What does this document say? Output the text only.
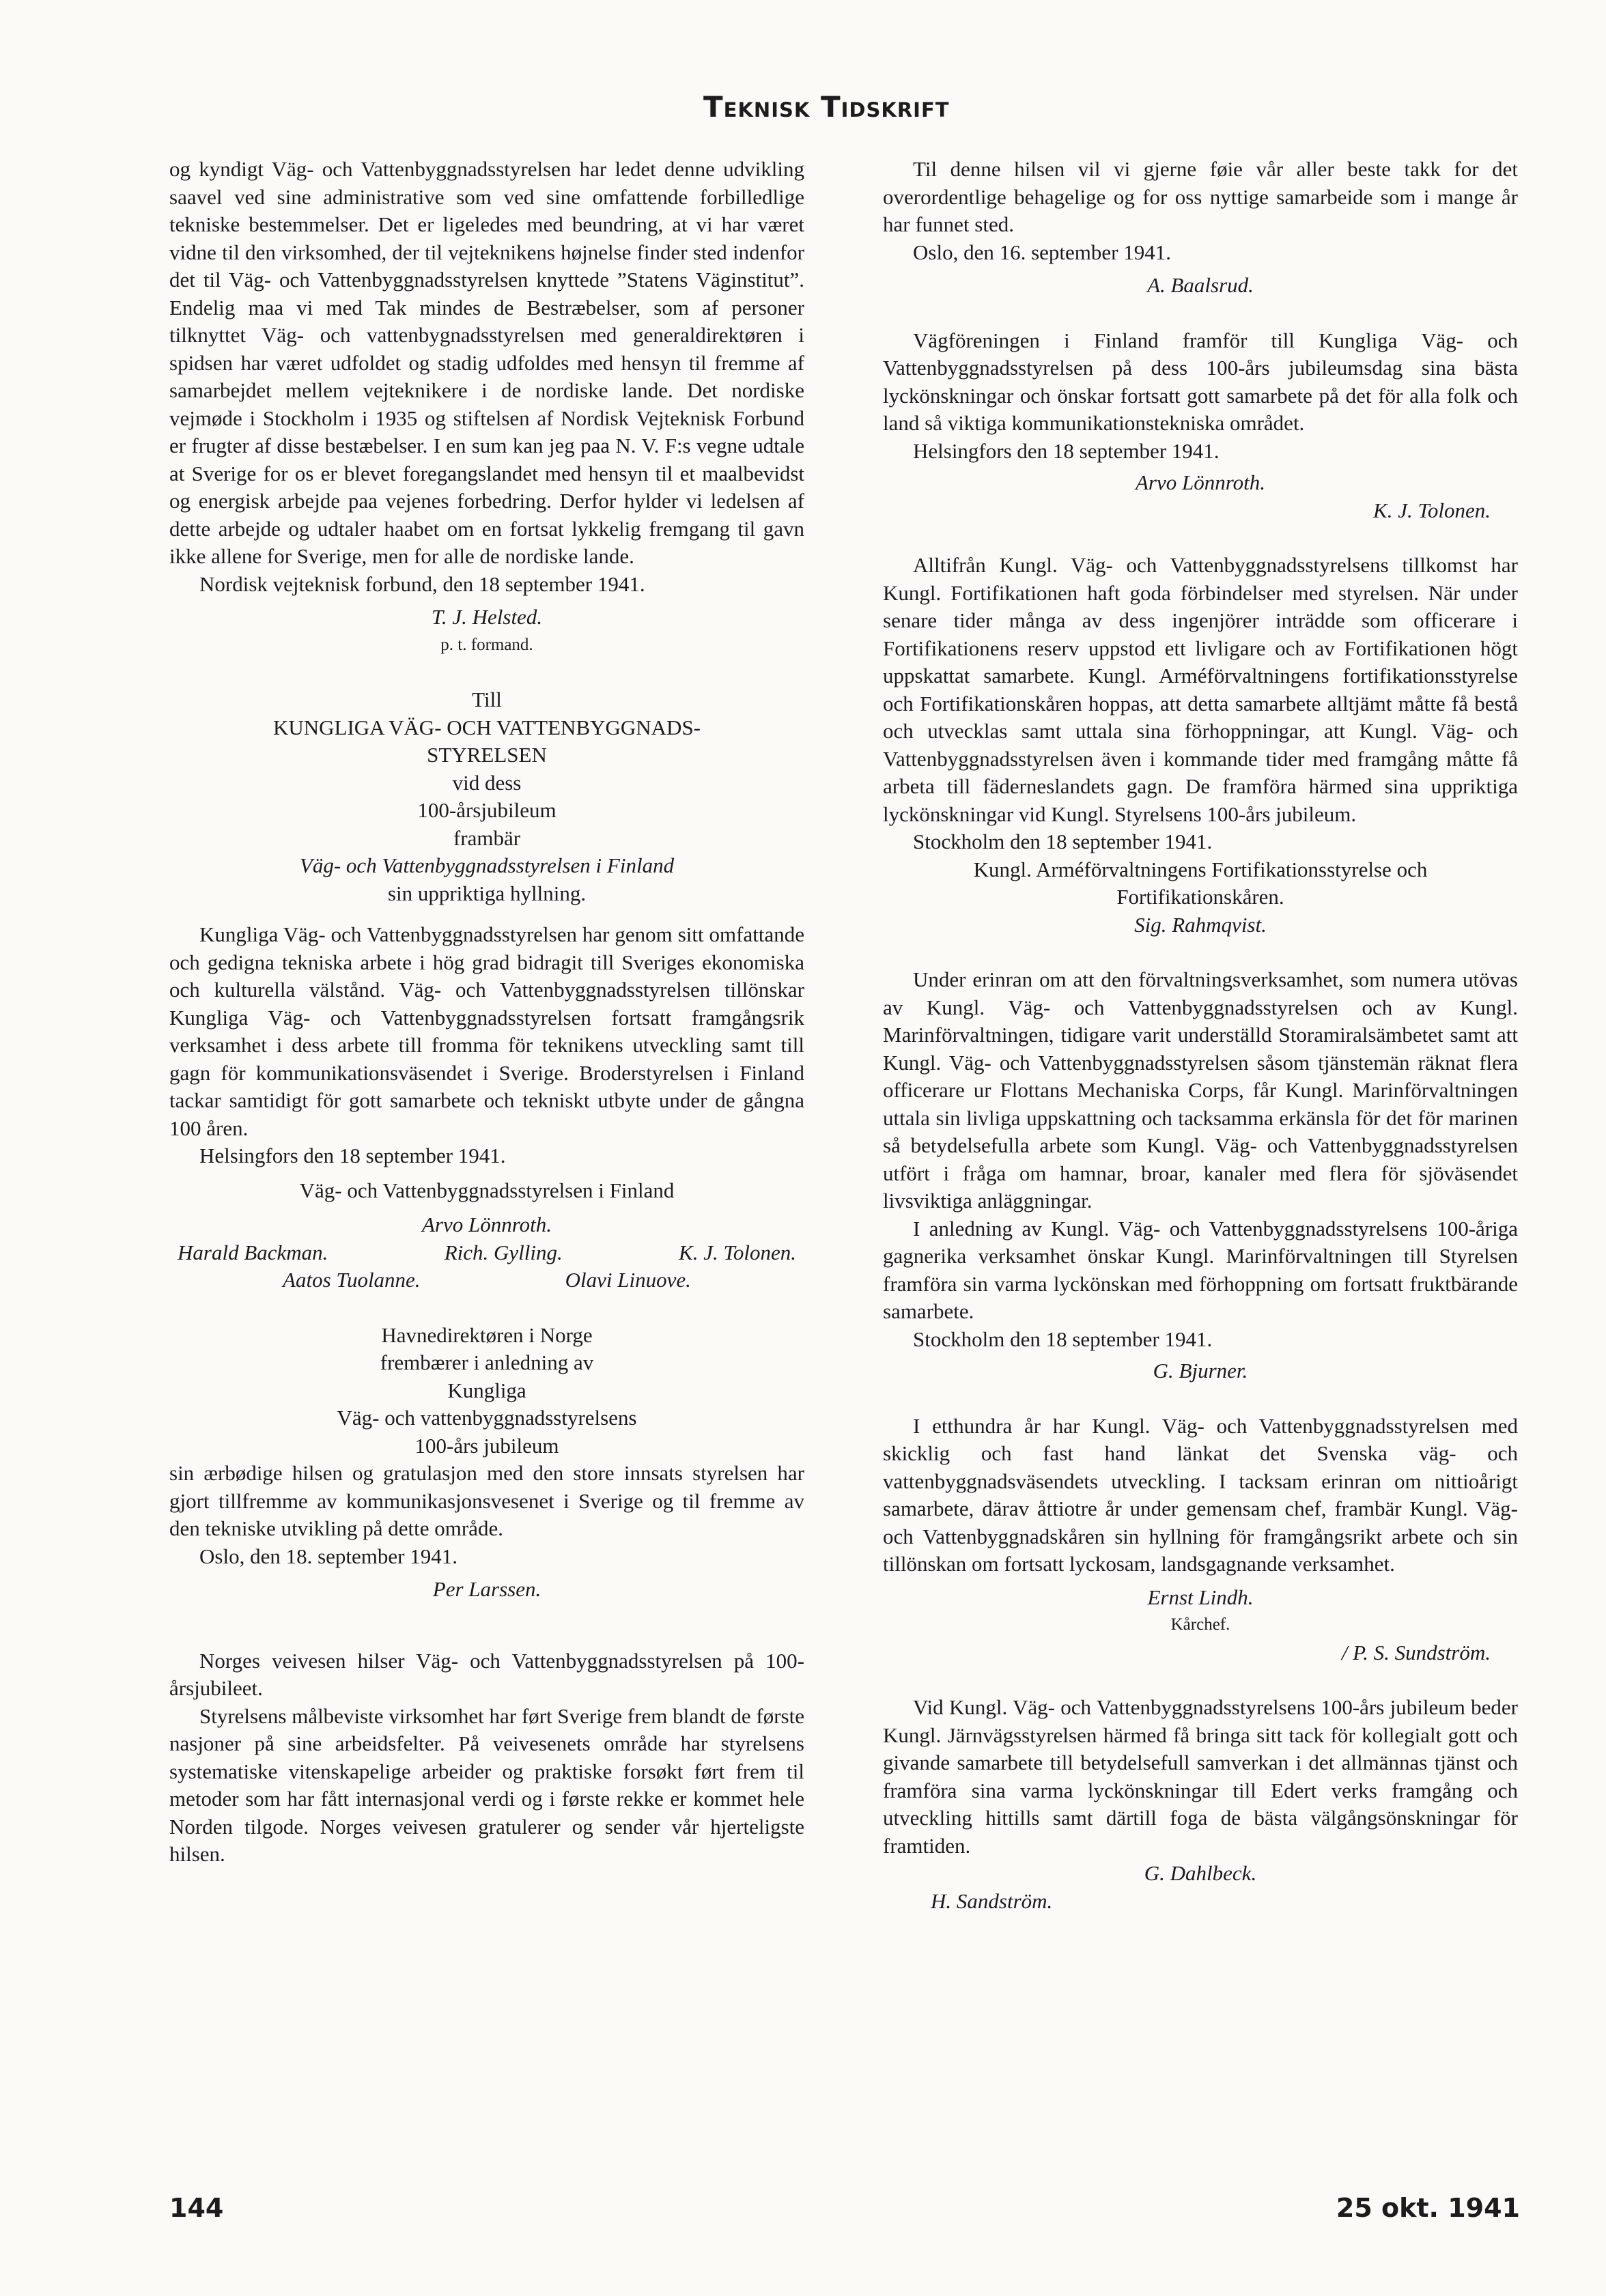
Teknisk Tidskrift

og kyndigt Väg- och Vattenbyggnadsstyrelsen har ledet denne udvikling saavel ved sine administrative som ved sine omfattende forbilledlige tekniske bestemmelser. Det er ligeledes med beundring, at vi har været vidne til den virksomhed, der til vejteknikens højnelse finder sted indenfor det til Väg- och Vattenbyggnadsstyrelsen knyttede ”Statens Väginstitut”. Endelig maa vi med Tak mindes de Bestræbelser, som af personer tilknyttet Väg- och vattenbygnadsstyrelsen med generaldirektøren i spidsen har været udfoldet og stadig udfoldes med hensyn til fremme af samarbejdet mellem vejteknikere i de nordiske lande. Det nordiske vejmøde i Stockholm i 1935 og stiftelsen af Nordisk Vejteknisk Forbund er frugter af disse bestæbelser. I en sum kan jeg paa N. V. F:s vegne udtale at Sverige for os er blevet foregangslandet med hensyn til et maalbevidst og energisk arbejde paa vejenes forbedring. Derfor hylder vi ledelsen af dette arbejde og udtaler haabet om en fortsat lykkelig fremgang til gavn ikke allene for Sverige, men for alle de nordiske lande.

Nordisk vejteknisk forbund, den 18 september 1941.

T. J. Helsted.

p. t. formand.

Till

KUNGLIGA VÄG- OCH VATTENBYGGNADS-

STYRELSEN

vid dess

100-årsjubileum

frambär

Väg- och Vattenbyggnadsstyrelsen i Finland

sin uppriktiga hyllning.

Kungliga Väg- och Vattenbyggnadsstyrelsen har genom sitt omfattande och gedigna tekniska arbete i hög grad bidragit till Sveriges ekonomiska och kulturella välstånd. Väg- och Vattenbyggnadsstyrelsen tillönskar Kungliga Väg- och Vattenbyggnadsstyrelsen fortsatt framgångsrik verksamhet i dess arbete till fromma för teknikens utveckling samt till gagn för kommunikationsväsendet i Sverige. Broderstyrelsen i Finland tackar samtidigt för gott samarbete och tekniskt utbyte under de gångna 100 åren.

Helsingfors den 18 september 1941.

Väg- och Vattenbyggnadsstyrelsen i Finland

Arvo Lönnroth.

Harald Backman.	Rich. Gylling.	K. J. Tolonen.
Aatos Tuolanne.	Olavi Linuove.

Havnedirektøren i Norge

frembærer i anledning av

Kungliga

Väg- och vattenbyggnadsstyrelsens

100-års jubileum

sin ærbødige hilsen og gratulasjon med den store innsats styrelsen har gjort tillfremme av kommunikasjonsvesenet i Sverige og til fremme av den tekniske utvikling på dette område.

Oslo, den 18. september 1941.

Per Larssen.

Norges veivesen hilser Väg- och Vattenbyggnadsstyrelsen på 100-årsjubileet.

Styrelsens målbeviste virksomhet har ført Sverige frem blandt de første nasjoner på sine arbeidsfelter. På veivesenets område har styrelsens systematiske vitenskapelige arbeider og praktiske forsøkt ført frem til metoder som har fått internasjonal verdi og i første rekke er kommet hele Norden tilgode. Norges veivesen gratulerer og sender vår hjerteligste hilsen.

Til denne hilsen vil vi gjerne føie vår aller beste takk for det overordentlige behagelige og for oss nyttige samarbeide som i mange år har funnet sted.

Oslo, den 16. september 1941.

A. Baalsrud.

Vägföreningen i Finland framför till Kungliga Väg- och Vattenbyggnadsstyrelsen på dess 100-års jubileumsdag sina bästa lyckönskningar och önskar fortsatt gott samarbete på det för alla folk och land så viktiga kommunikationstekniska området.

Helsingfors den 18 september 1941.

Arvo Lönnroth.

K. J. Tolonen.

Alltifrån Kungl. Väg- och Vattenbyggnadsstyrelsens tillkomst har Kungl. Fortifikationen haft goda förbindelser med styrelsen. När under senare tider många av dess ingenjörer inträdde som officerare i Fortifikationens reserv uppstod ett livligare och av Fortifikationen högt uppskattat samarbete. Kungl. Arméförvaltningens fortifikationsstyrelse och Fortifikationskåren hoppas, att detta samarbete alltjämt måtte få bestå och utvecklas samt uttala sina förhoppningar, att Kungl. Väg- och Vattenbyggnadsstyrelsen även i kommande tider med framgång måtte få arbeta till fäderneslandets gagn. De framföra härmed sina uppriktiga lyckönskningar vid Kungl. Styrelsens 100-års jubileum.

Stockholm den 18 september 1941.

Kungl. Arméförvaltningens Fortifikationsstyrelse och

Fortifikationskåren.

Sig. Rahmqvist.

Under erinran om att den förvaltningsverksamhet, som numera utövas av Kungl. Väg- och Vattenbyggnadsstyrelsen och av Kungl. Marinförvaltningen, tidigare varit underställd Storamiralsämbetet samt att Kungl. Väg- och Vattenbyggnadsstyrelsen såsom tjänstemän räknat flera officerare ur Flottans Mechaniska Corps, får Kungl. Marinförvaltningen uttala sin livliga uppskattning och tacksamma erkänsla för det för marinen så betydelsefulla arbete som Kungl. Väg- och Vattenbyggnadsstyrelsen utfört i fråga om hamnar, broar, kanaler med flera för sjöväsendet livsviktiga anläggningar.

I anledning av Kungl. Väg- och Vattenbyggnadsstyrelsens 100-åriga gagnerika verksamhet önskar Kungl. Marinförvaltningen till Styrelsen framföra sin varma lyckönskan med förhoppning om fortsatt fruktbärande samarbete.

Stockholm den 18 september 1941.

G. Bjurner.

I etthundra år har Kungl. Väg- och Vattenbyggnadsstyrelsen med skicklig och fast hand länkat det Svenska väg- och vattenbyggnadsväsendets utveckling. I tacksam erinran om nittioårigt samarbete, därav åttiotre år under gemensam chef, frambär Kungl. Väg- och Vattenbyggnadskåren sin hyllning för framgångsrikt arbete och sin tillönskan om fortsatt lyckosam, landsgagnande verksamhet.

Ernst Lindh.

Kårchef.

/ P. S. Sundström.

Vid Kungl. Väg- och Vattenbyggnadsstyrelsens 100-års jubileum beder Kungl. Järnvägsstyrelsen härmed få bringa sitt tack för kollegialt gott och givande samarbete till betydelsefull samverkan i det allmännas tjänst och framföra sina varma lyckönskningar till Edert verks framgång och utveckling hittills samt därtill foga de bästa välgångsönskningar för framtiden.

G. Dahlbeck.

H. Sandström.

144	25 okt. 1941
